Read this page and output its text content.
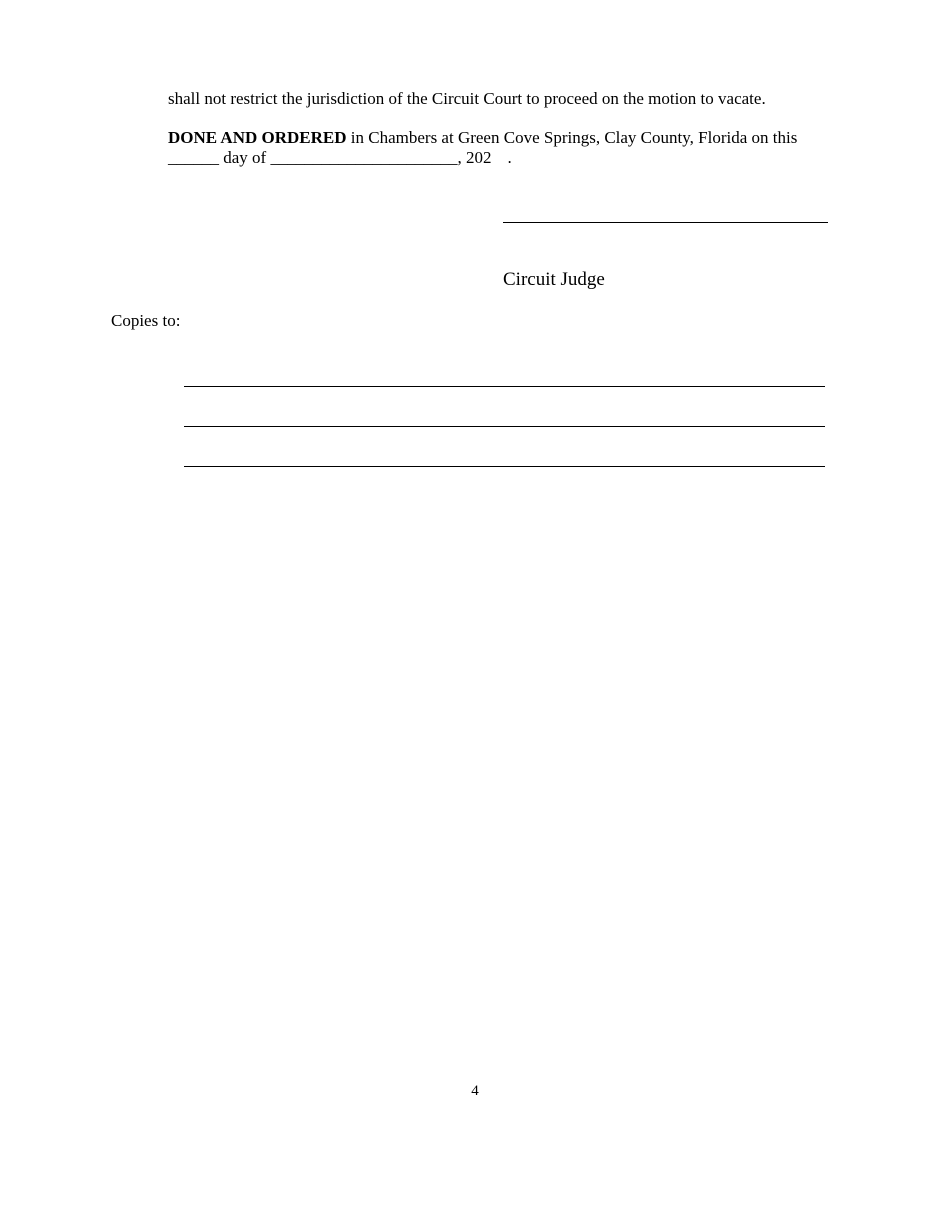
shall not restrict the jurisdiction of the Circuit Court to proceed on the motion to vacate.
DONE AND ORDERED in Chambers at Green Cove Springs, Clay County, Florida on this
______ day of ______________________, 202 .
Circuit Judge
Copies to:
4
